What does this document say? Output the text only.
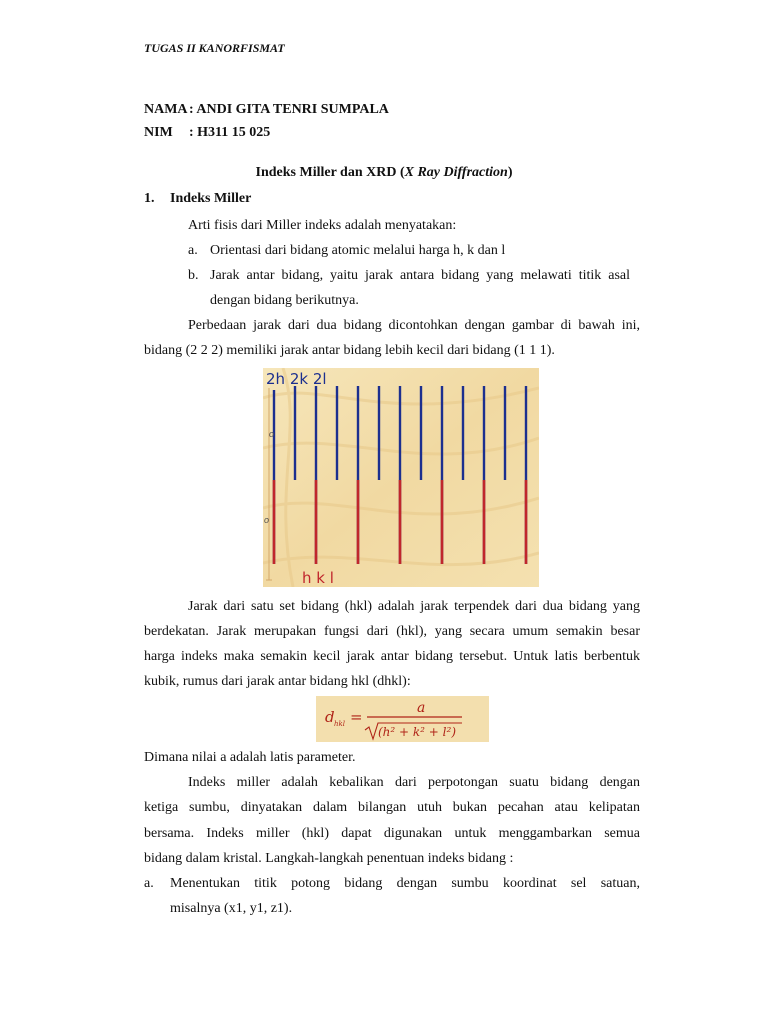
TUGAS II KANORFISMAT
NAMA: ANDI GITA TENRI SUMPALA
NIM : H311 15 025
Indeks Miller dan XRD (X Ray Diffraction)
1. Indeks Miller
Arti fisis dari Miller indeks adalah menyatakan:
a. Orientasi dari bidang atomic melalui harga h, k dan l
b. Jarak antar bidang, yaitu jarak antara bidang yang melawati titik asal
dengan bidang berikutnya.
Perbedaan jarak dari dua bidang dicontohkan dengan gambar di bawah ini,
bidang (2 2 2) memiliki jarak antar bidang lebih kecil dari bidang (1 1 1).
o
o
2h 2k 2l
h k l
Jarak dari satu set bidang (hkl) adalah jarak terpendek dari dua bidang yang
berdekatan. Jarak merupakan fungsi dari (hkl), yang secara umum semakin besar
harga indeks maka semakin kecil jarak antar bidang tersebut. Untuk latis berbentuk
kubik, rumus dari jarak antar bidang hkl (dhkl):
d hkl =	a
(h² + k² + l²)
Dimana nilai a adalah latis parameter.
Indeks miller adalah kebalikan dari perpotongan suatu bidang dengan
ketiga sumbu, dinyatakan dalam bilangan utuh bukan pecahan atau kelipatan
bersama. Indeks miller (hkl) dapat digunakan untuk menggambarkan semua
bidang dalam kristal. Langkah-langkah penentuan indeks bidang :
a. Menentukan titik potong bidang dengan sumbu koordinat sel satuan,
misalnya (x1, y1, z1).
